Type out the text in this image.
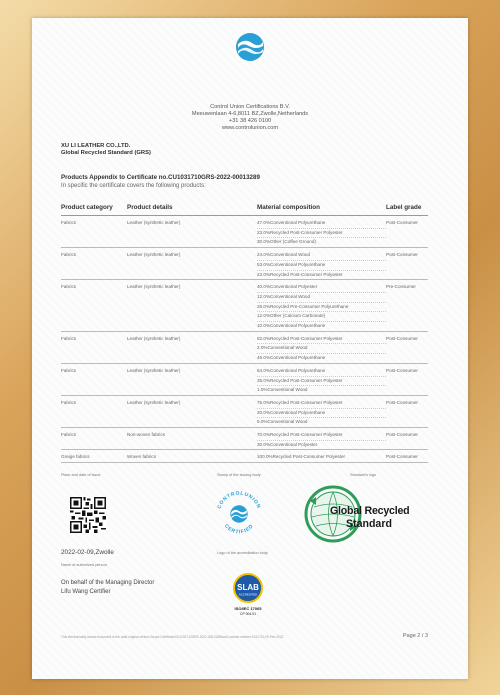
Control Union Certifications B.V.
Meeuwenlaan 4-6,8011 BZ,Zwolle,Netherlands
+31 38 426 0100
www.controlunion.com
XU LI LEATHER CO.,LTD.
Global Recycled Standard (GRS)
Products Appendix to Certificate no.CU1031710GRS-2022-00013289
In specific the certificate covers the following products:
Product category	Product details	Material composition	Label grade
Fabrics	Leather (synthetic leather)	47.0%Conventional Polyurethane
23.0%Recycled Post-Consumer Polyester
30.0%Other (Coffee Ground)
Post-Consumer
Fabrics	Leather (synthetic leather)	24.0%Conventional Wood
53.0%Conventional Polyurethane
23.0%Recycled Post-Consumer Polyester
Post-Consumer
Fabrics	Leather (synthetic leather)	40.0%Conventional Polyester
12.0%Conventional Wood
26.0%Recycled Pre-Consumer Polyurethane
12.0%Other (Calcium Carbonate)
10.0%Conventional Polyurethane
Pre-Consumer
Fabrics	Leather (synthetic leather)	52.0%Recycled Post-Consumer Polyester
2.0%Conventional Wood
46.0%Conventional Polyurethane
Post-Consumer
Fabrics	Leather (synthetic leather)	64.0%Conventional Polyurethane
35.0%Recycled Post-Consumer Polyester
1.0%Conventional Wood
Post-Consumer
Fabrics	Leather (synthetic leather)	75.0%Recycled Post-Consumer Polyester
20.0%Conventional Polyurethane
5.0%Conventional Wood
Post-Consumer
Fabrics	Non-woven fabrics	70.0%Recycled Post-Consumer Polyester
30.0%Conventional Polyester
Post-Consumer
Greige fabrics	Woven fabrics	100.0%Recycled Post-Consumer Polyester	Post-Consumer
Place and date of issue	Stamp of the issuing body	Standard's logo
CONTROLUNION
CERTIFIED
Global Recycled
Standard
2022-02-09,Zwolle
Name of authorized person
Logo of the accreditation body
On behalf of the Managing Director
Lifu Wang Certifier	SLAB
ACCREDITED
ISO/IEC 17065
CP 004.01
This electronically issued document is the valid original version.Scope CertificateCU1031710GRS-2022-00013289and License number:1031710,09-Feb-2022	Page 2 / 3
